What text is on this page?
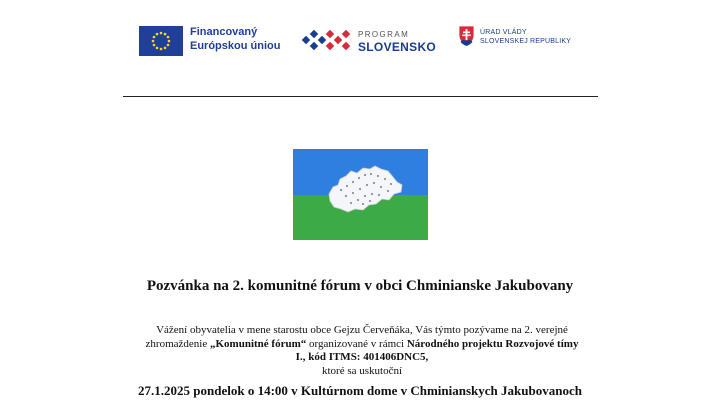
Financovaný
Európskou úniou
PROGRAM
SLOVENSKO
ÚRAD VLÁDY
SLOVENSKEJ REPUBLIKY
Pozvánka na 2. komunitné fórum v obci Chminianske Jakubovany
Vážení obyvatelia v mene starostu obce Gejzu Červeňáka, Vás týmto pozývame na 2. verejné
zhromaždenie „Komunitné fórum“ organizované v rámci Národného projektu Rozvojové tímy
I., kód ITMS: 401406DNC5,
ktoré sa uskutoční
27.1.2025 pondelok o 14:00 v Kultúrnom dome v Chminianskych Jakubovanoch
